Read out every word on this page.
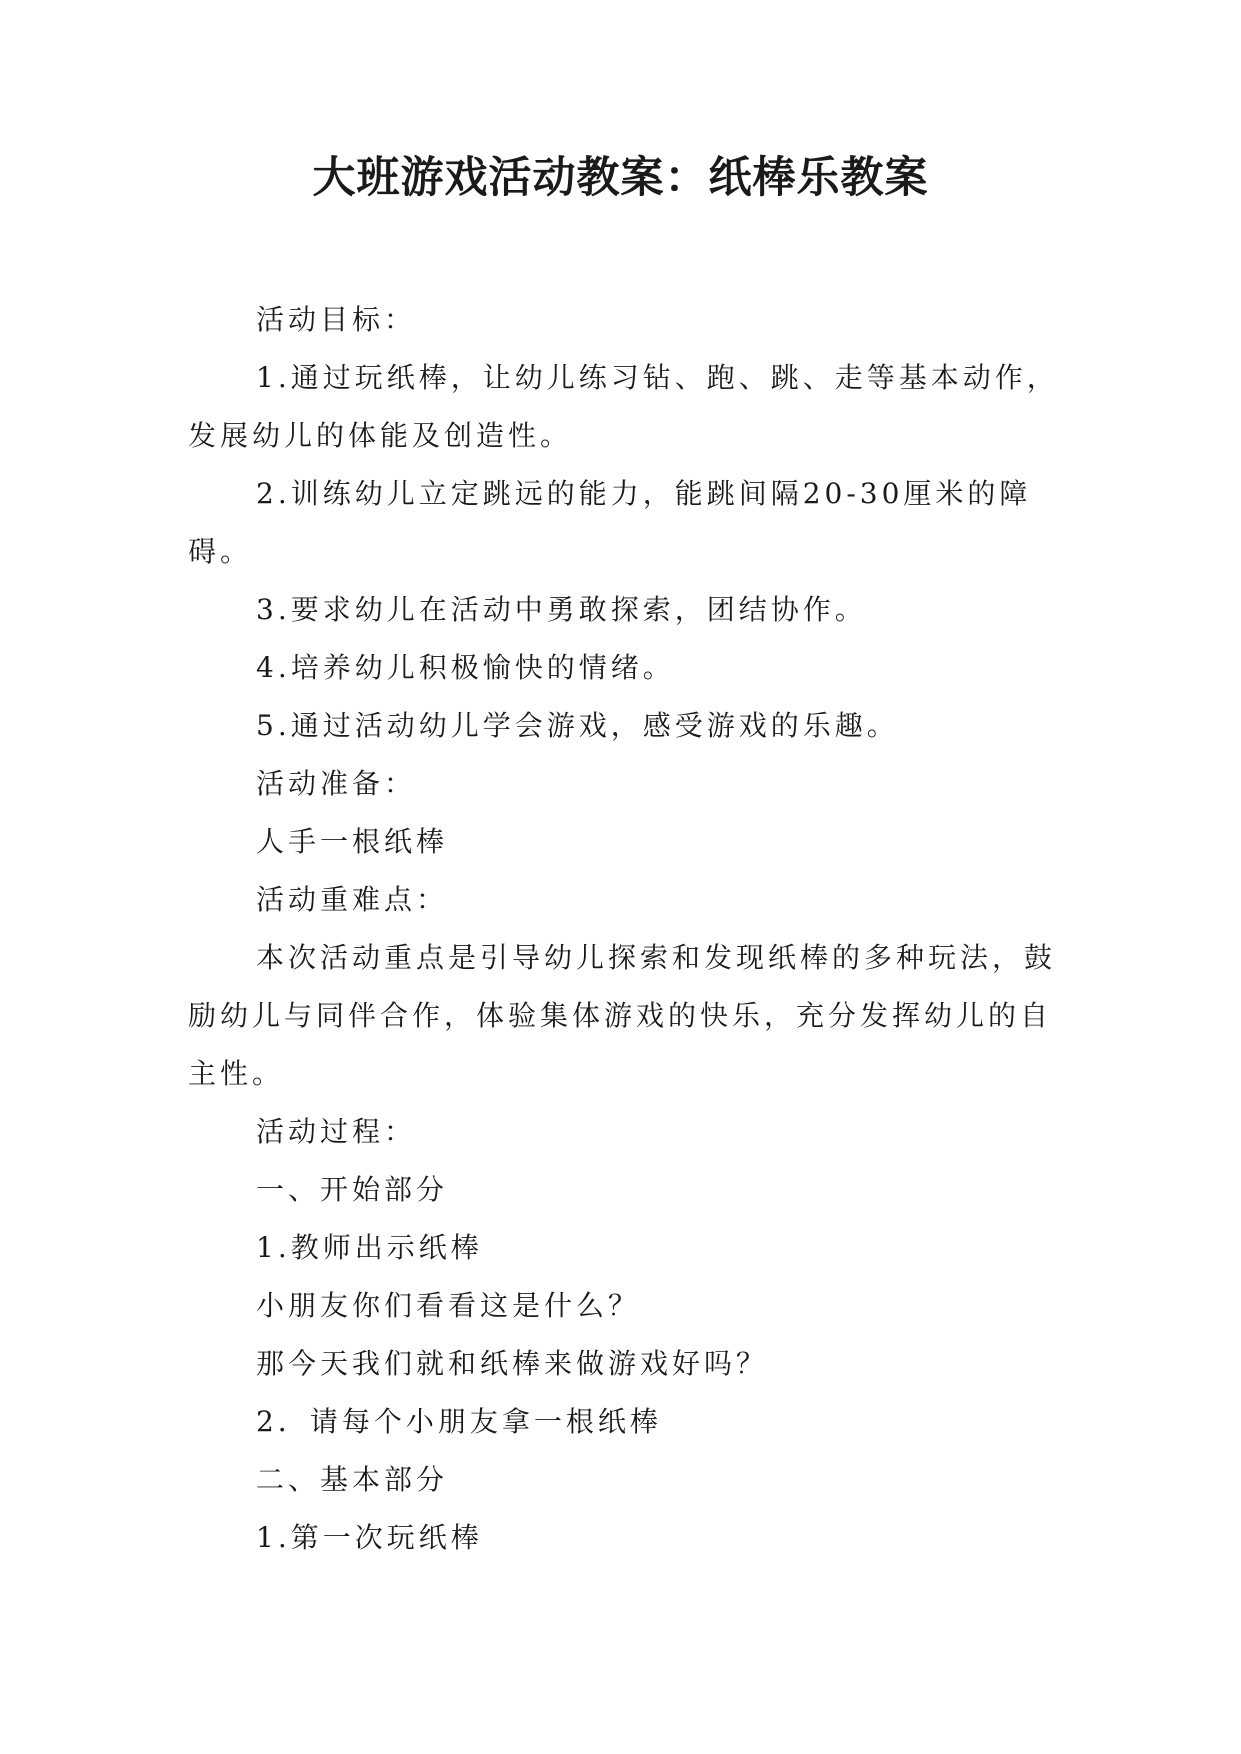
大班游戏活动教案：纸棒乐教案

活动目标：

1.通过玩纸棒，让幼儿练习钻、跑、跳、走等基本动作，发展幼儿的体能及创造性。

2.训练幼儿立定跳远的能力，能跳间隔20-30厘米的障碍。

3.要求幼儿在活动中勇敢探索，团结协作。

4.培养幼儿积极愉快的情绪。

5.通过活动幼儿学会游戏，感受游戏的乐趣。

活动准备：

人手一根纸棒

活动重难点：

本次活动重点是引导幼儿探索和发现纸棒的多种玩法，鼓励幼儿与同伴合作，体验集体游戏的快乐，充分发挥幼儿的自主性。

活动过程：

一、开始部分

1.教师出示纸棒

小朋友你们看看这是什么？

那今天我们就和纸棒来做游戏好吗？

2．请每个小朋友拿一根纸棒

二、基本部分

1.第一次玩纸棒
